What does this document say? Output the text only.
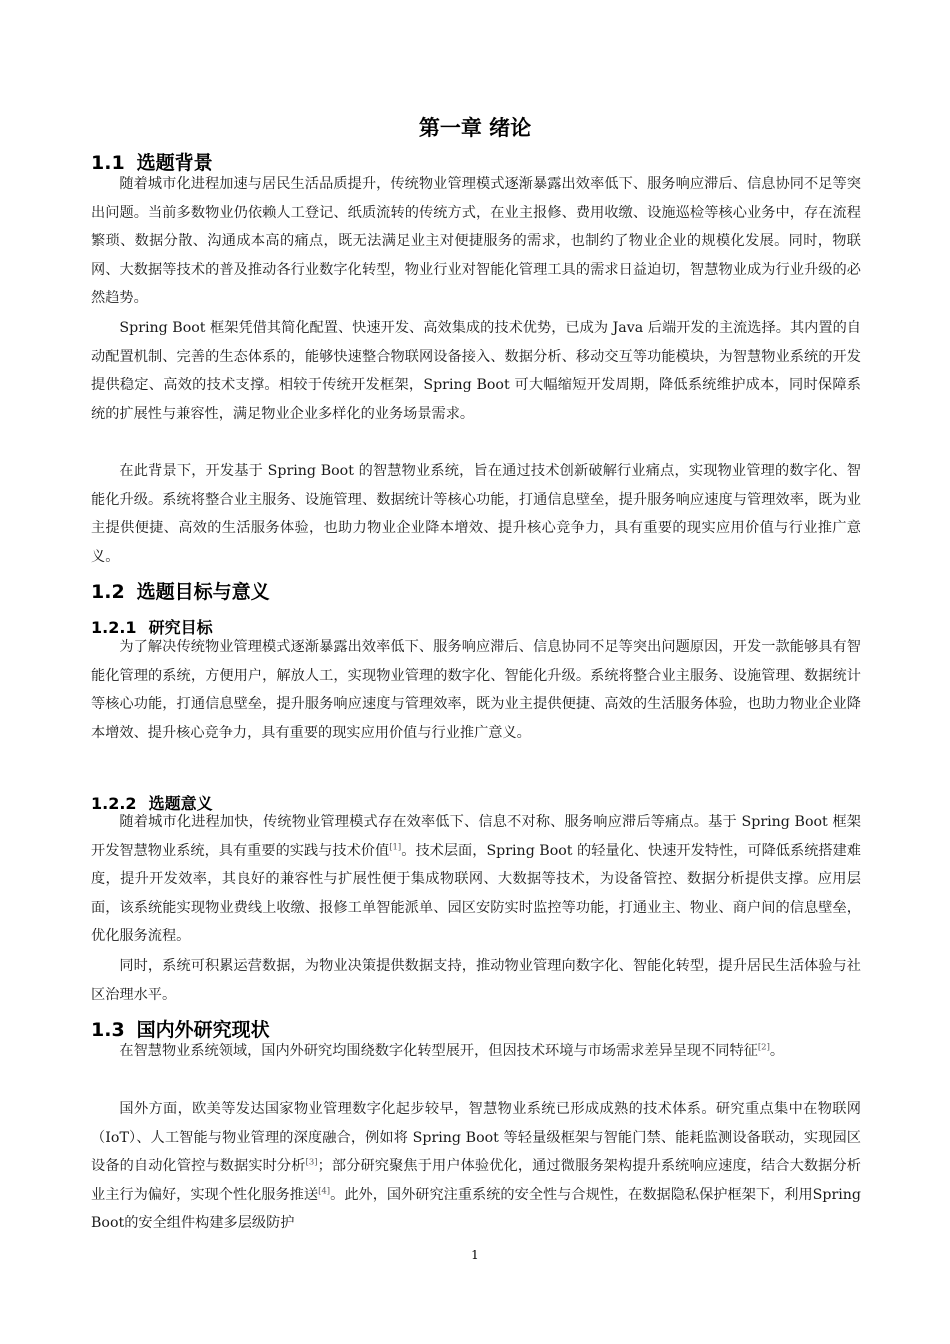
第一章 绪论
1.1 选题背景
随着城市化进程加速与居民生活品质提升，传统物业管理模式逐渐暴露出效率低下、服务响应滞后、信息协同不足等突出问题。当前多数物业仍依赖人工登记、纸质流转的传统方式，在业主报修、费用收缴、设施巡检等核心业务中，存在流程繁琐、数据分散、沟通成本高的痛点，既无法满足业主对便捷服务的需求，也制约了物业企业的规模化发展。同时，物联网、大数据等技术的普及推动各行业数字化转型，物业行业对智能化管理工具的需求日益迫切，智慧物业成为行业升级的必然趋势。
Spring Boot 框架凭借其简化配置、快速开发、高效集成的技术优势，已成为 Java 后端开发的主流选择。其内置的自动配置机制、完善的生态体系的，能够快速整合物联网设备接入、数据分析、移动交互等功能模块，为智慧物业系统的开发提供稳定、高效的技术支撑。相较于传统开发框架，Spring Boot 可大幅缩短开发周期，降低系统维护成本，同时保障系统的扩展性与兼容性，满足物业企业多样化的业务场景需求。
在此背景下，开发基于 Spring Boot 的智慧物业系统，旨在通过技术创新破解行业痛点，实现物业管理的数字化、智能化升级。系统将整合业主服务、设施管理、数据统计等核心功能，打通信息壁垒，提升服务响应速度与管理效率，既为业主提供便捷、高效的生活服务体验，也助力物业企业降本增效、提升核心竞争力，具有重要的现实应用价值与行业推广意义。
1.2 选题目标与意义
1.2.1 研究目标
为了解决传统物业管理模式逐渐暴露出效率低下、服务响应滞后、信息协同不足等突出问题原因，开发一款能够具有智能化管理的系统，方便用户，解放人工，实现物业管理的数字化、智能化升级。系统将整合业主服务、设施管理、数据统计等核心功能，打通信息壁垒，提升服务响应速度与管理效率，既为业主提供便捷、高效的生活服务体验，也助力物业企业降本增效、提升核心竞争力，具有重要的现实应用价值与行业推广意义。
1.2.2 选题意义
随着城市化进程加快，传统物业管理模式存在效率低下、信息不对称、服务响应滞后等痛点。基于 Spring Boot 框架开发智慧物业系统，具有重要的实践与技术价值[1]。技术层面，Spring Boot 的轻量化、快速开发特性，可降低系统搭建难度，提升开发效率，其良好的兼容性与扩展性便于集成物联网、大数据等技术，为设备管控、数据分析提供支撑。应用层面，该系统能实现物业费线上收缴、报修工单智能派单、园区安防实时监控等功能，打通业主、物业、商户间的信息壁垒，优化服务流程。
同时，系统可积累运营数据，为物业决策提供数据支持，推动物业管理向数字化、智能化转型，提升居民生活体验与社区治理水平。
1.3 国内外研究现状
在智慧物业系统领域，国内外研究均围绕数字化转型展开，但因技术环境与市场需求差异呈现不同特征[2]。
国外方面，欧美等发达国家物业管理数字化起步较早，智慧物业系统已形成成熟的技术体系。研究重点集中在物联网（IoT）、人工智能与物业管理的深度融合，例如将 Spring Boot 等轻量级框架与智能门禁、能耗监测设备联动，实现园区设备的自动化管控与数据实时分析[3]；部分研究聚焦于用户体验优化，通过微服务架构提升系统响应速度，结合大数据分析业主行为偏好，实现个性化服务推送[4]。此外，国外研究注重系统的安全性与合规性，在数据隐私保护框架下，利用Spring Boot的安全组件构建多层级防护
1
